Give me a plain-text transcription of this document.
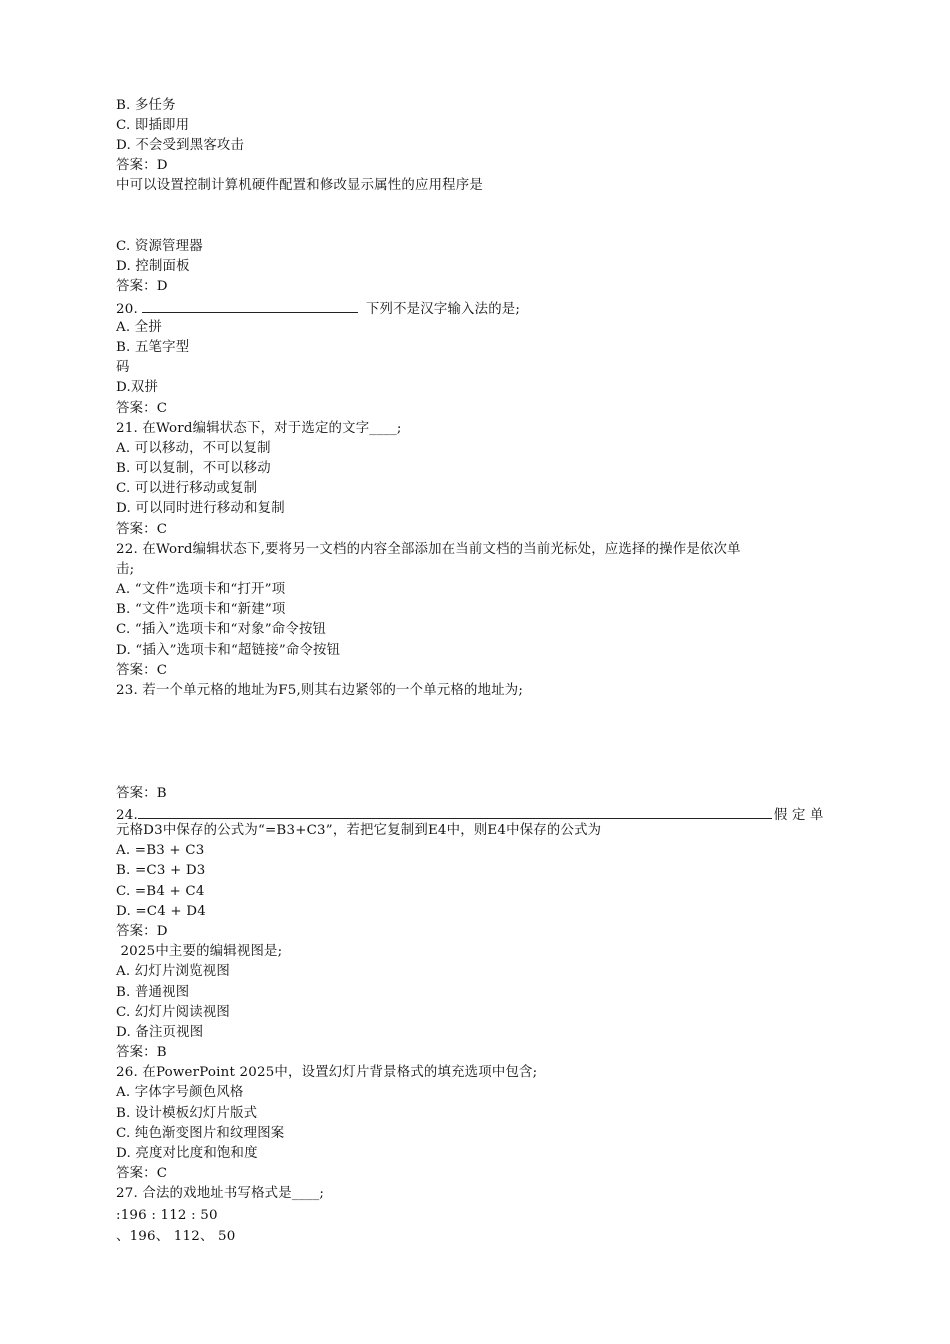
B. 多任务
C. 即插即用
D. 不会受到黑客攻击
答案：D
中可以设置控制计算机硬件配置和修改显示属性的应用程序是
C. 资源管理器
D. 控制面板
答案：D
20.	下列不是汉字输入法的是;
A. 全拼
B. 五笔字型
码
D.双拼
答案：C
21. 在Word编辑状态下，对于选定的文字____;
A. 可以移动，不可以复制
B. 可以复制，不可以移动
C. 可以进行移动或复制
D. 可以同时进行移动和复制
答案：C
22. 在Word编辑状态下,要将另一文档的内容全部添加在当前文档的当前光标处，应选择的操作是依次单
击;
A. “文件”选项卡和“打开”项
B. “文件”选项卡和“新建”项
C. “插入”选项卡和“对象”命令按钮
D. “插入”选项卡和“超链接”命令按钮
答案：C
23. 若一个单元格的地址为F5,则其右边紧邻的一个单元格的地址为;
答案：B
24.	假 定 单
元格D3中保存的公式为“=B3+C3”，若把它复制到E4中，则E4中保存的公式为
A. =B3 + C3
B. =C3 + D3
C. =B4 + C4
D. =C4 + D4
答案：D
2025中主要的编辑视图是;
A. 幻灯片浏览视图
B. 普通视图
C. 幻灯片阅读视图
D. 备注页视图
答案：B
26. 在PowerPoint 2025中，设置幻灯片背景格式的填充选项中包含;
A. 字体字号颜色风格
B. 设计模板幻灯片版式
C. 纯色渐变图片和纹理图案
D. 亮度对比度和饱和度
答案：C
27. 合法的戏地址书写格式是____;
:196 : 112 : 50
、196、 112、 50
